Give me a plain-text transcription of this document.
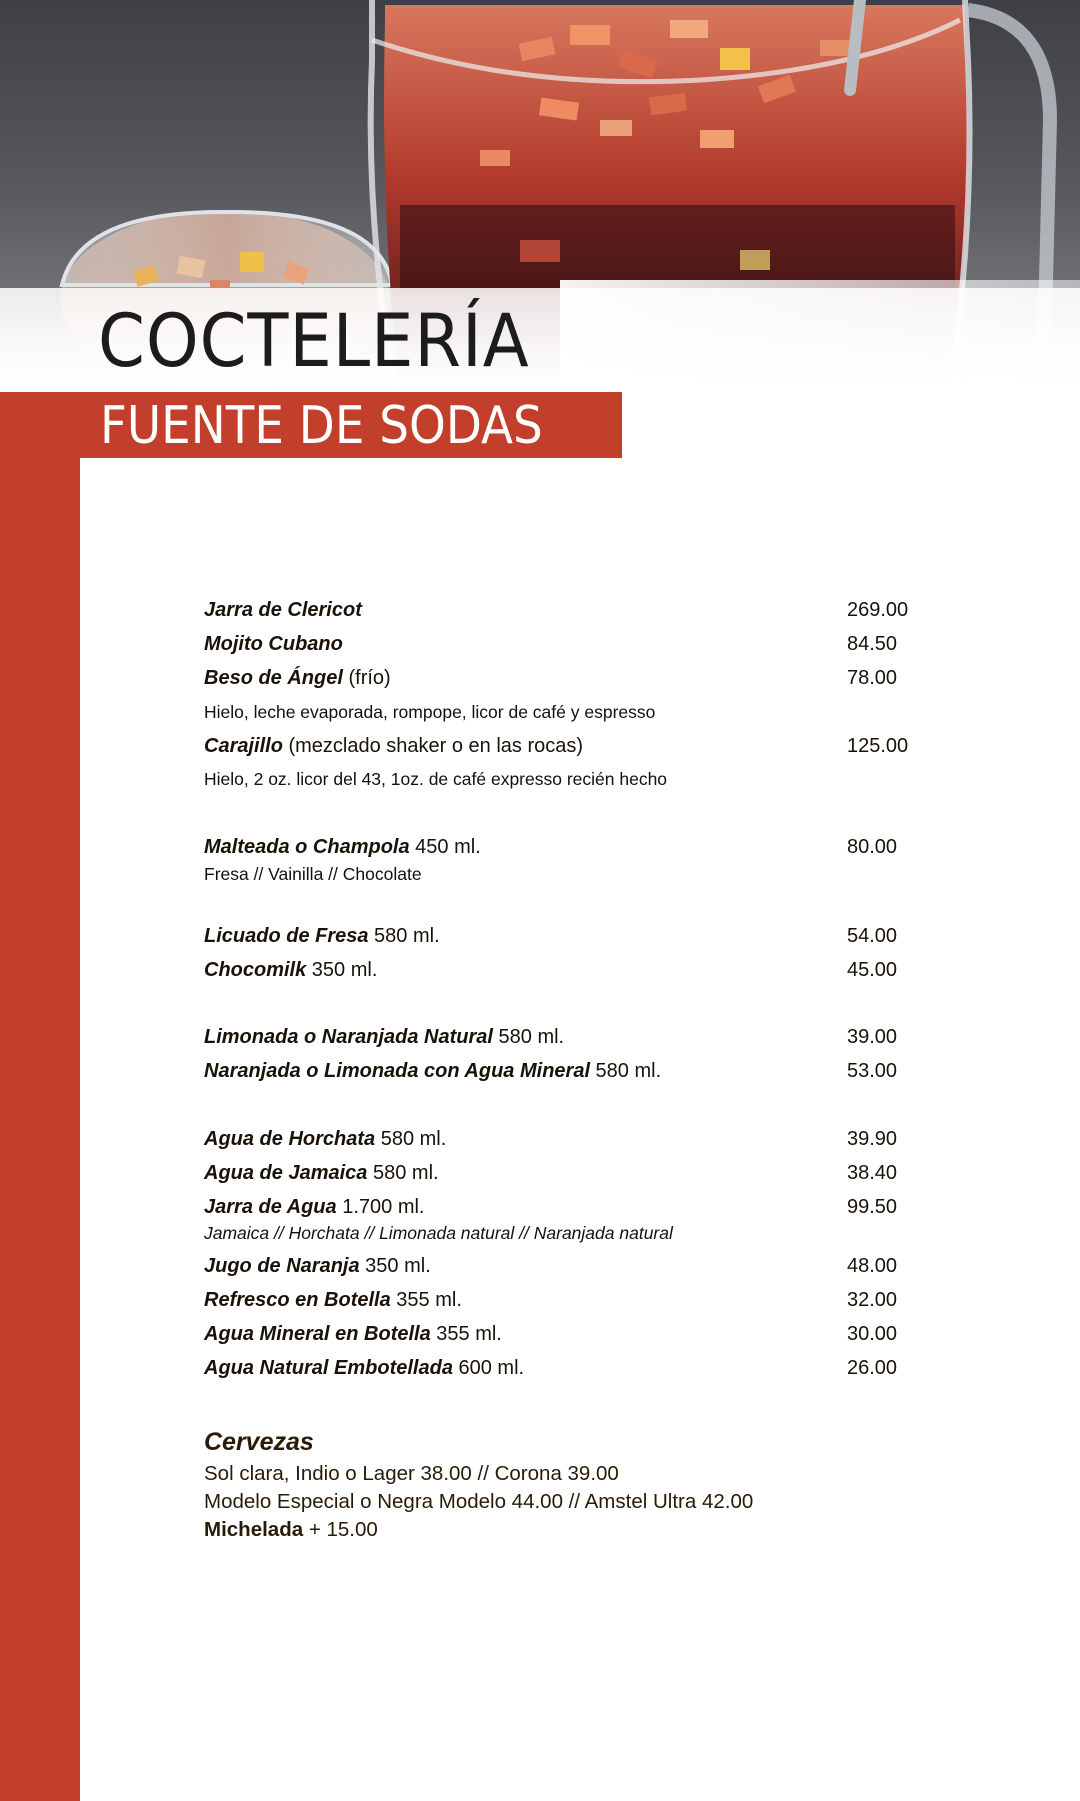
COCTELERÍA
FUENTE DE SODAS
Jarra de Clericot	269.00
Mojito Cubano	84.50
Beso de Ángel (frío)	78.00
Hielo, leche evaporada, rompope, licor de café y espresso
Carajillo (mezclado shaker o en las rocas)	125.00
Hielo, 2 oz. licor del 43, 1oz. de café expresso recién hecho
Malteada o Champola 450 ml.	80.00
Fresa // Vainilla // Chocolate
Licuado de Fresa 580 ml.	54.00
Chocomilk 350 ml.	45.00
Limonada o Naranjada Natural 580 ml.	39.00
Naranjada o Limonada con Agua Mineral 580 ml.	53.00
Agua de Horchata 580 ml.	39.90
Agua de Jamaica 580 ml.	38.40
Jarra de Agua 1.700 ml.	99.50
Jamaica // Horchata // Limonada natural // Naranjada natural
Jugo de Naranja 350 ml.	48.00
Refresco en Botella 355 ml.	32.00
Agua Mineral en Botella 355 ml.	30.00
Agua Natural Embotellada 600 ml.	26.00
Cervezas
Sol clara, Indio o Lager 38.00 // Corona 39.00
Modelo Especial o Negra Modelo 44.00 // Amstel Ultra 42.00
Michelada + 15.00
